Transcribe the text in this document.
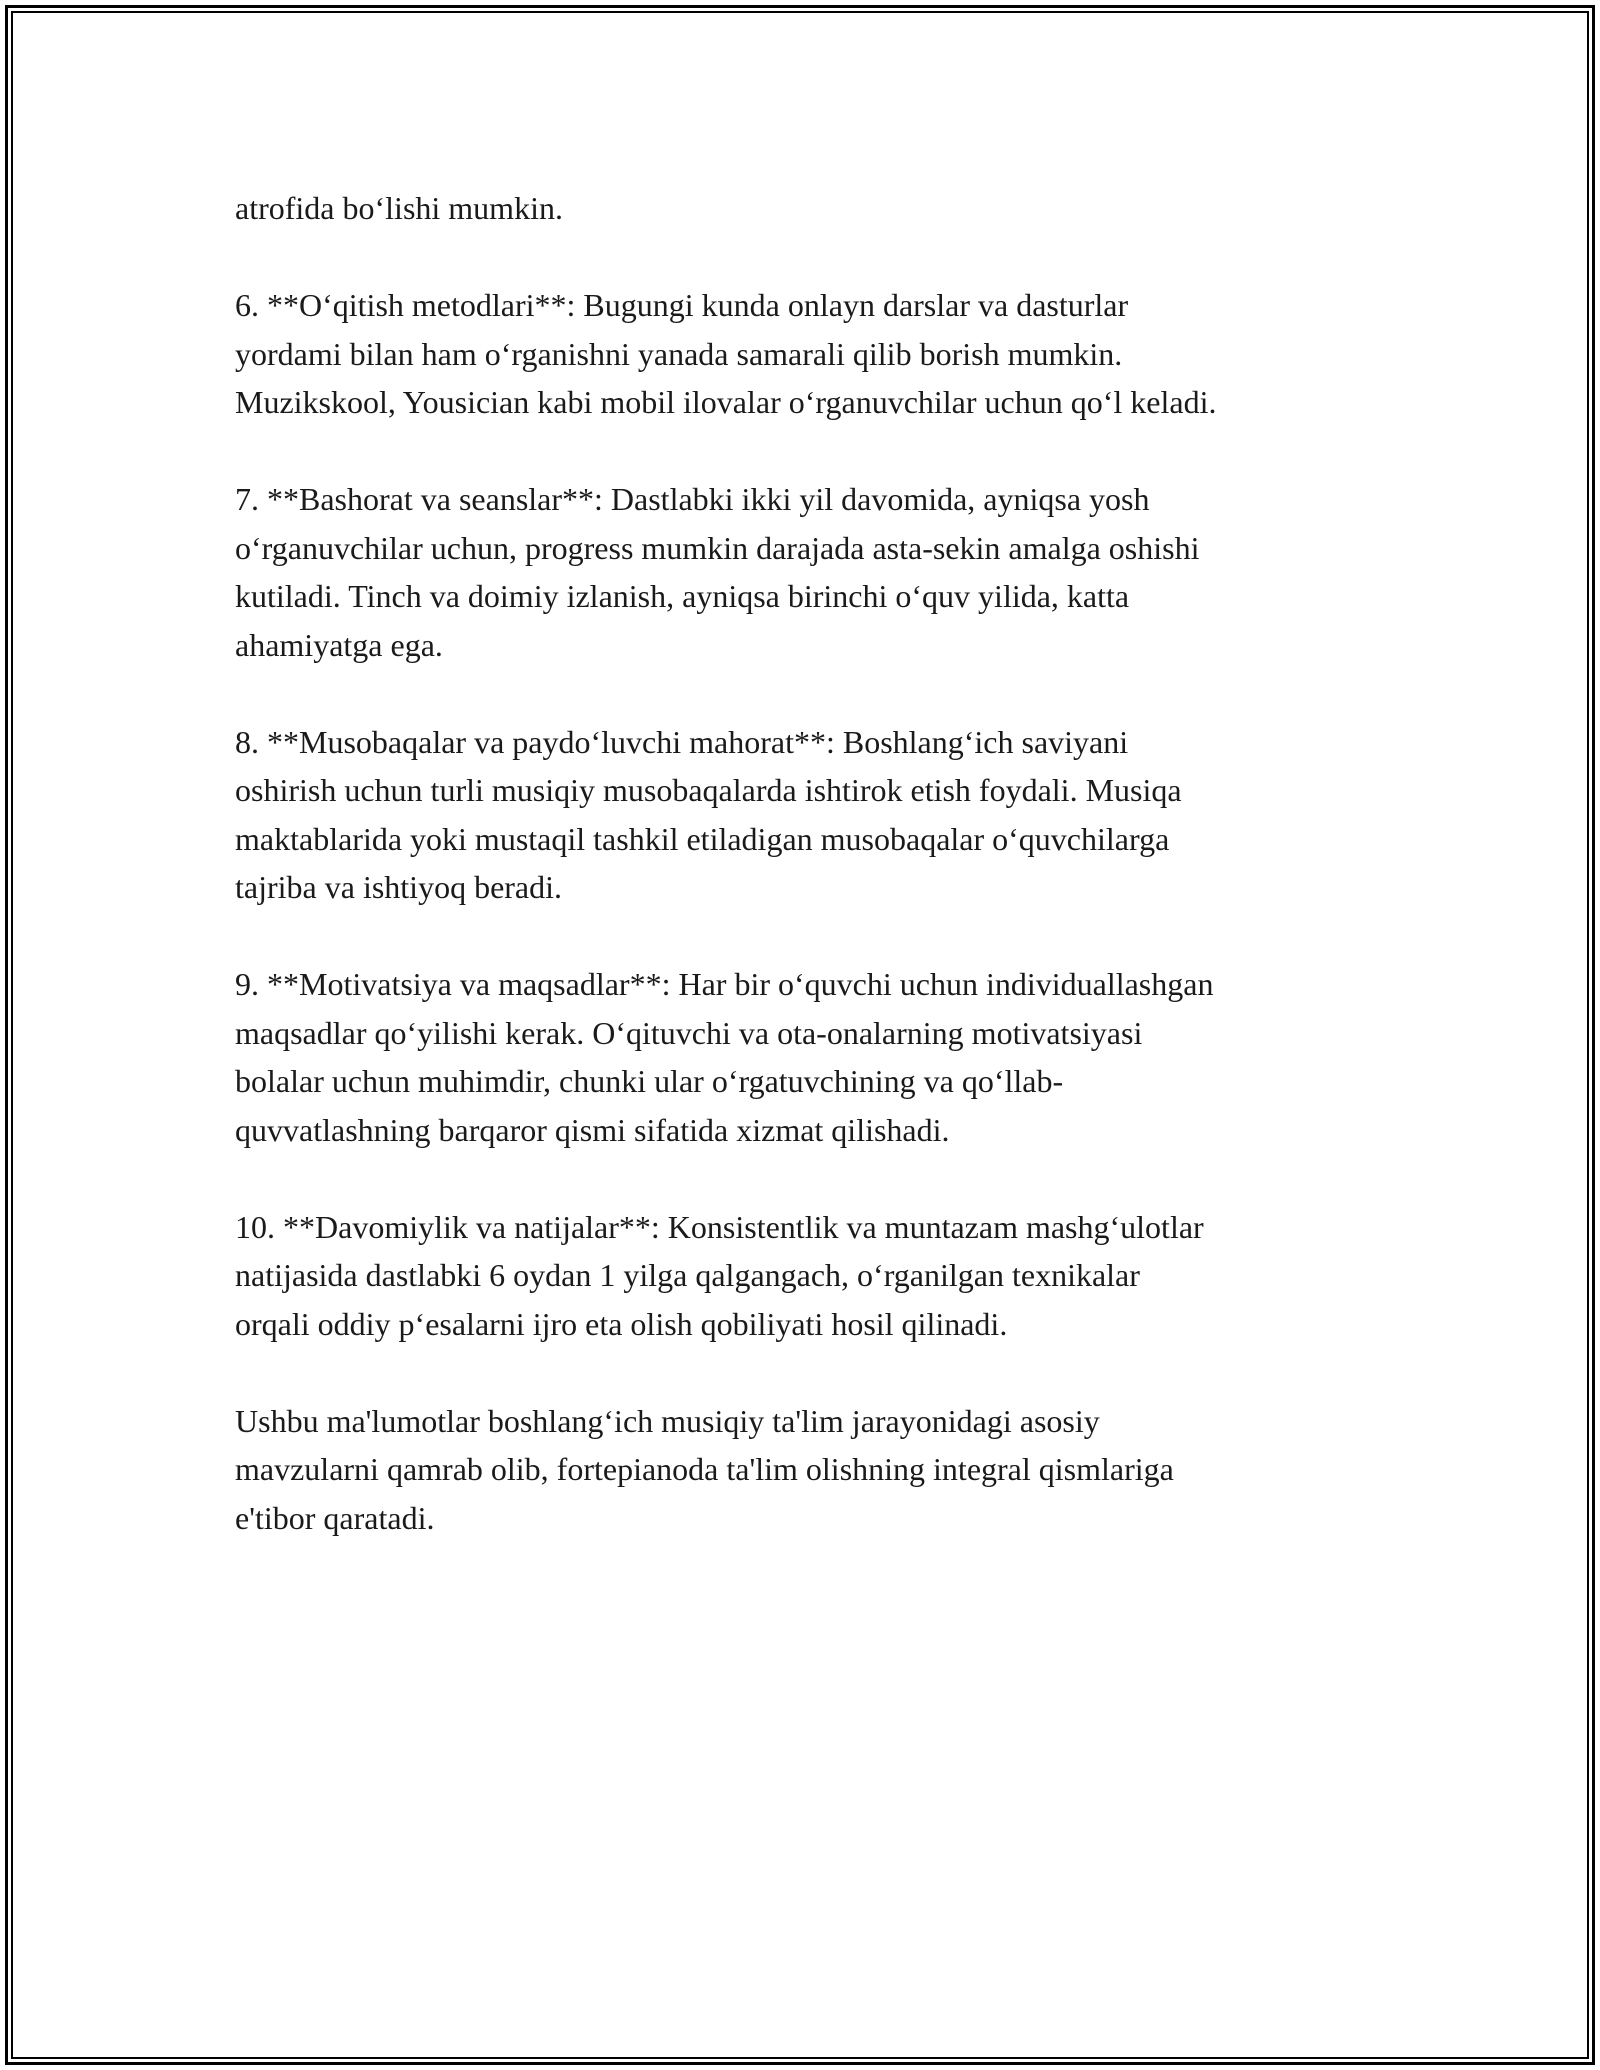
atrofida bo‘lishi mumkin.

6. **O‘qitish metodlari**: Bugungi kunda onlayn darslar va dasturlar
yordami bilan ham o‘rganishni yanada samarali qilib borish mumkin.
Muzikskool, Yousician kabi mobil ilovalar o‘rganuvchilar uchun qo‘l keladi.

7. **Bashorat va seanslar**: Dastlabki ikki yil davomida, ayniqsa yosh
o‘rganuvchilar uchun, progress mumkin darajada asta-sekin amalga oshishi
kutiladi. Tinch va doimiy izlanish, ayniqsa birinchi o‘quv yilida, katta
ahamiyatga ega.

8. **Musobaqalar va paydo‘luvchi mahorat**: Boshlang‘ich saviyani
oshirish uchun turli musiqiy musobaqalarda ishtirok etish foydali. Musiqa
maktablarida yoki mustaqil tashkil etiladigan musobaqalar o‘quvchilarga
tajriba va ishtiyoq beradi.

9. **Motivatsiya va maqsadlar**: Har bir o‘quvchi uchun individuallashgan
maqsadlar qo‘yilishi kerak. O‘qituvchi va ota-onalarning motivatsiyasi
bolalar uchun muhimdir, chunki ular o‘rgatuvchining va qo‘llab-
quvvatlashning barqaror qismi sifatida xizmat qilishadi.

10. **Davomiylik va natijalar**: Konsistentlik va muntazam mashg‘ulotlar
natijasida dastlabki 6 oydan 1 yilga qalgangach, o‘rganilgan texnikalar
orqali oddiy p‘esalarni ijro eta olish qobiliyati hosil qilinadi.

Ushbu ma'lumotlar boshlang‘ich musiqiy ta'lim jarayonidagi asosiy
mavzularni qamrab olib, fortepianoda ta'lim olishning integral qismlariga
e'tibor qaratadi.
